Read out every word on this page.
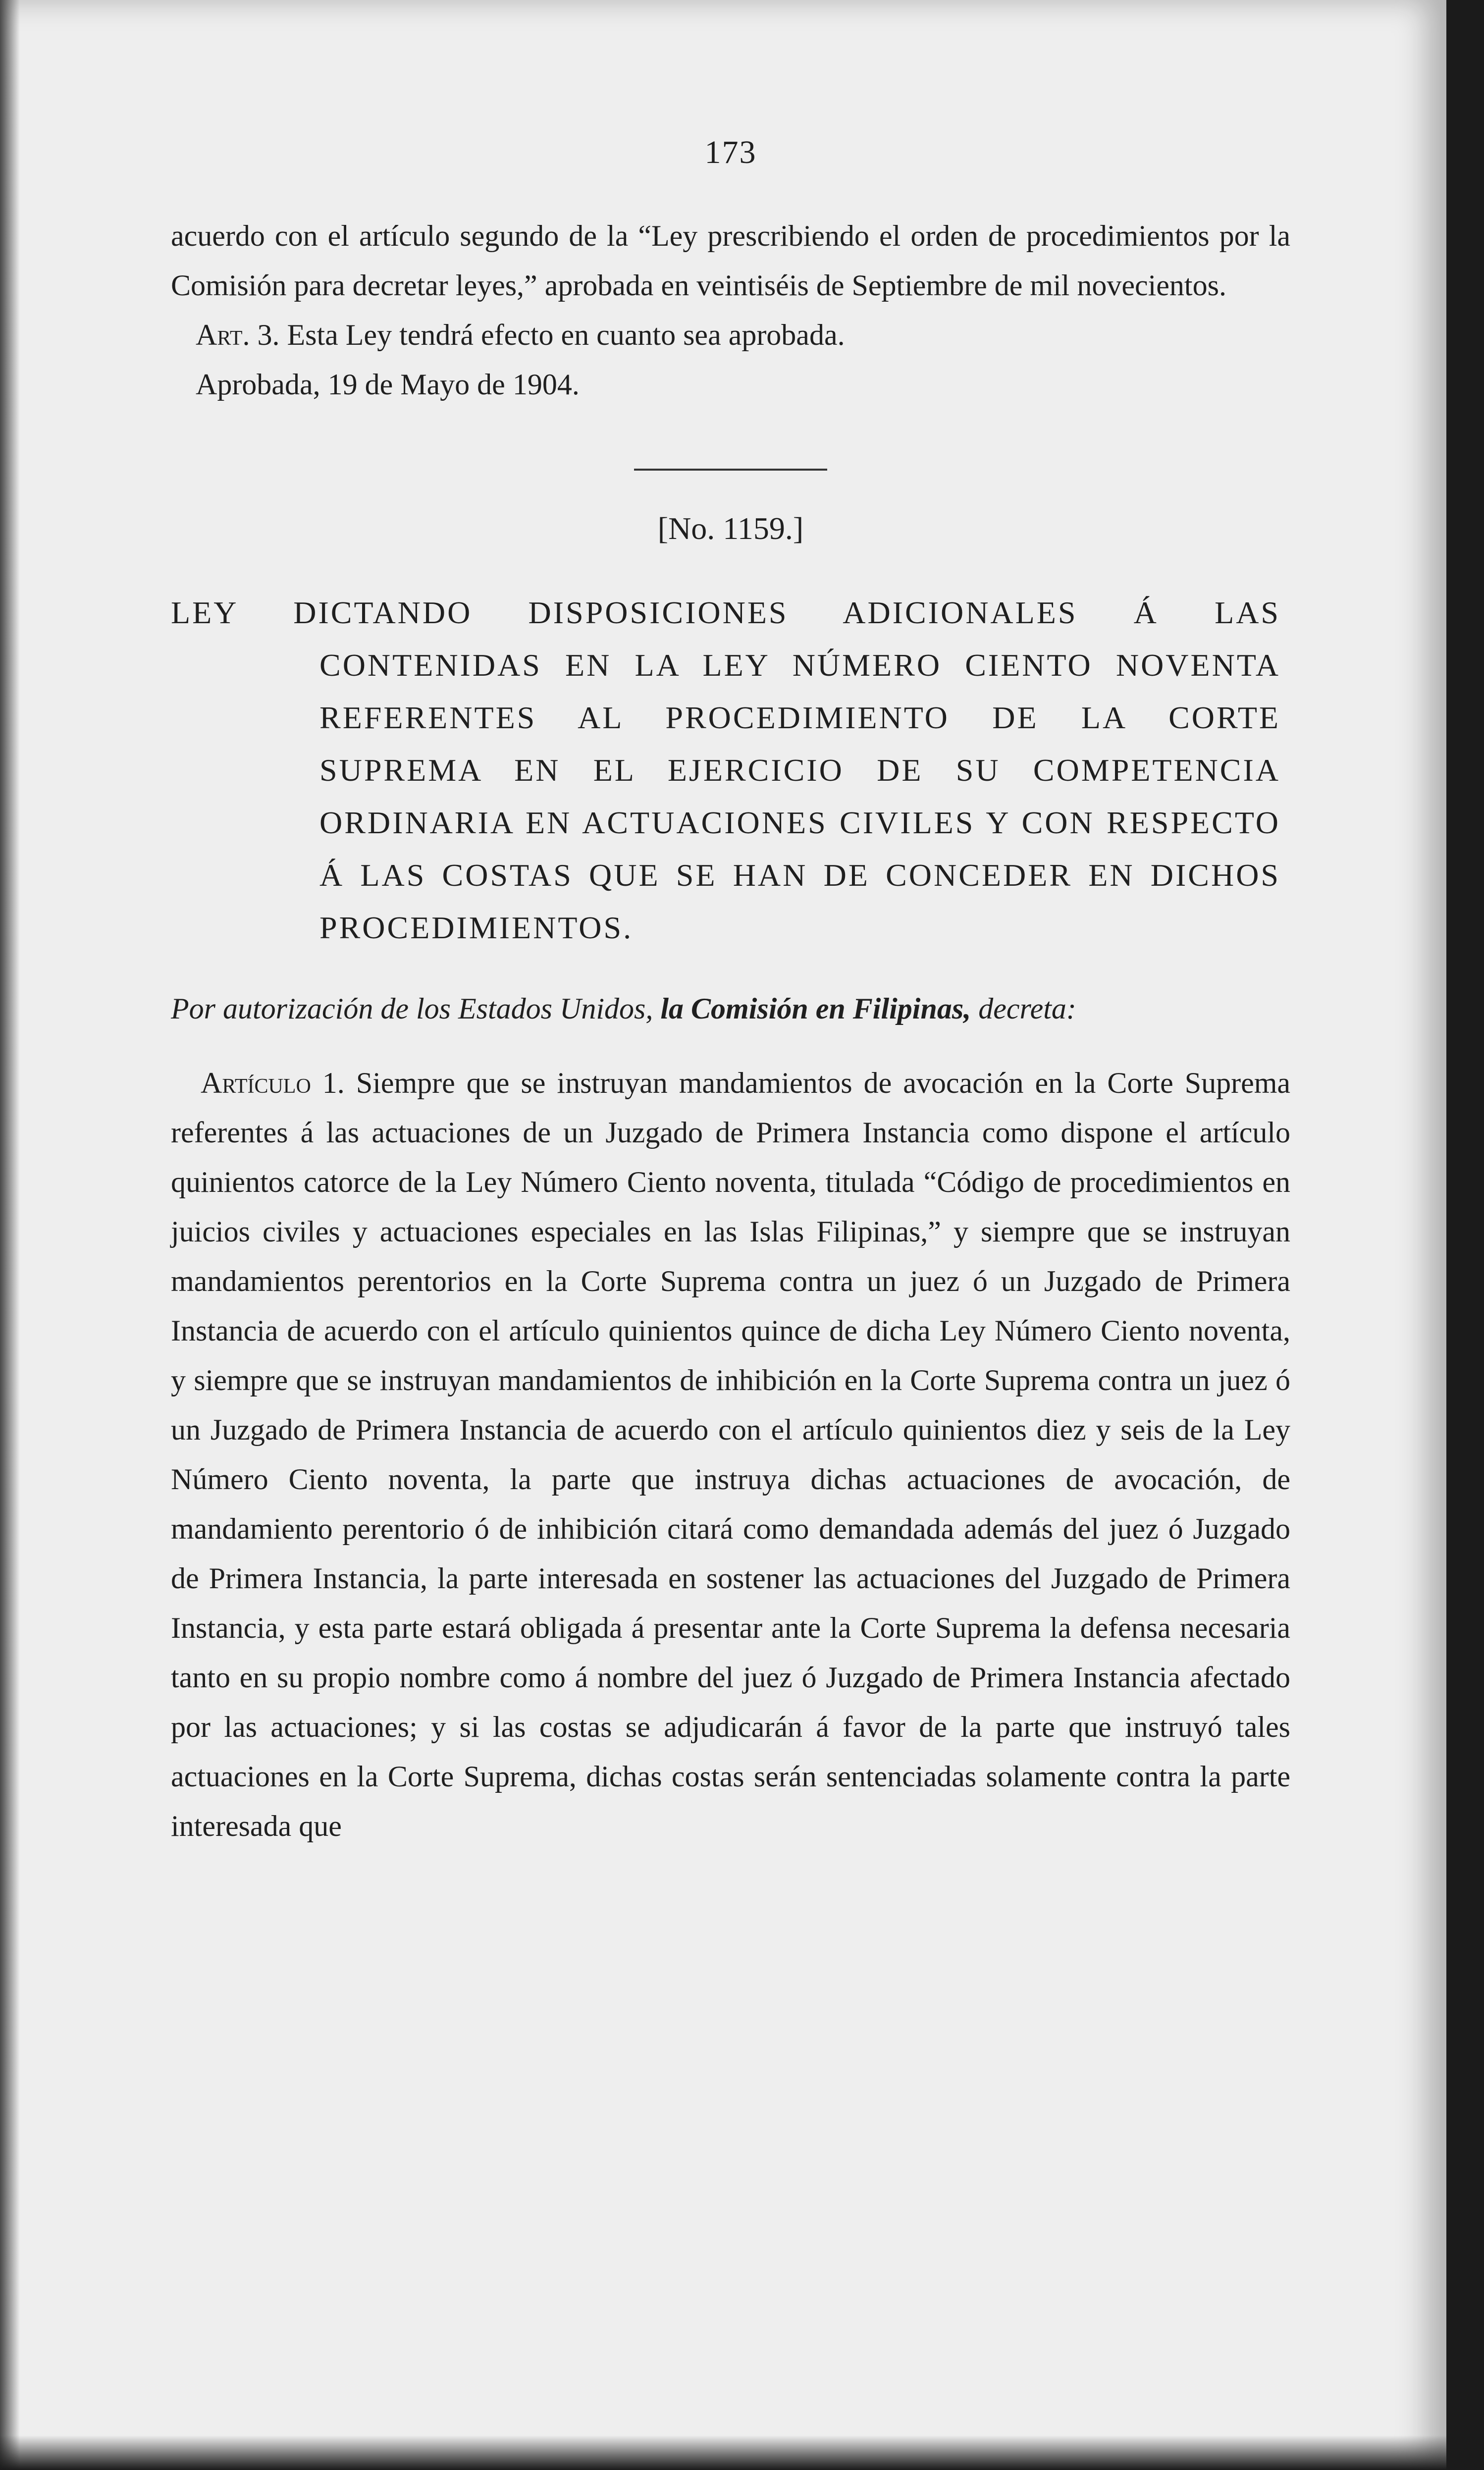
173

acuerdo con el artículo segundo de la “Ley prescribiendo el orden de procedimientos por la Comisión para decretar leyes,” aprobada en veintiséis de Septiembre de mil novecientos.

Art. 3. Esta Ley tendrá efecto en cuanto sea aprobada.

Aprobada, 19 de Mayo de 1904.

[No. 1159.]
LEY DICTANDO DISPOSICIONES ADICIONALES Á LAS CONTENIDAS EN LA LEY NÚMERO CIENTO NOVENTA REFERENTES AL PROCEDIMIENTO DE LA CORTE SUPREMA EN EL EJERCICIO DE SU COMPETENCIA ORDINARIA EN ACTUACIONES CIVILES Y CON RESPECTO Á LAS COSTAS QUE SE HAN DE CONCEDER EN DICHOS PROCEDIMIENTOS.

Por autorización de los Estados Unidos, la Comisión en Filipinas, decreta:

Artículo 1. Siempre que se instruyan mandamientos de avocación en la Corte Suprema referentes á las actuaciones de un Juzgado de Primera Instancia como dispone el artículo quinientos catorce de la Ley Número Ciento noventa, titulada “Código de procedimientos en juicios civiles y actuaciones especiales en las Islas Filipinas,” y siempre que se instruyan mandamientos perentorios en la Corte Suprema contra un juez ó un Juzgado de Primera Instancia de acuerdo con el artículo quinientos quince de dicha Ley Número Ciento noventa, y siempre que se instruyan mandamientos de inhibición en la Corte Suprema contra un juez ó un Juzgado de Primera Instancia de acuerdo con el artículo quinientos diez y seis de la Ley Número Ciento noventa, la parte que instruya dichas actuaciones de avocación, de mandamiento perentorio ó de inhibición citará como demandada además del juez ó Juzgado de Primera Instancia, la parte interesada en sostener las actuaciones del Juzgado de Primera Instancia, y esta parte estará obligada á presentar ante la Corte Suprema la defensa necesaria tanto en su propio nombre como á nombre del juez ó Juzgado de Primera Instancia afectado por las actuaciones; y si las costas se adjudicarán á favor de la parte que instruyó tales actuaciones en la Corte Suprema, dichas costas serán sentenciadas solamente contra la parte interesada que
